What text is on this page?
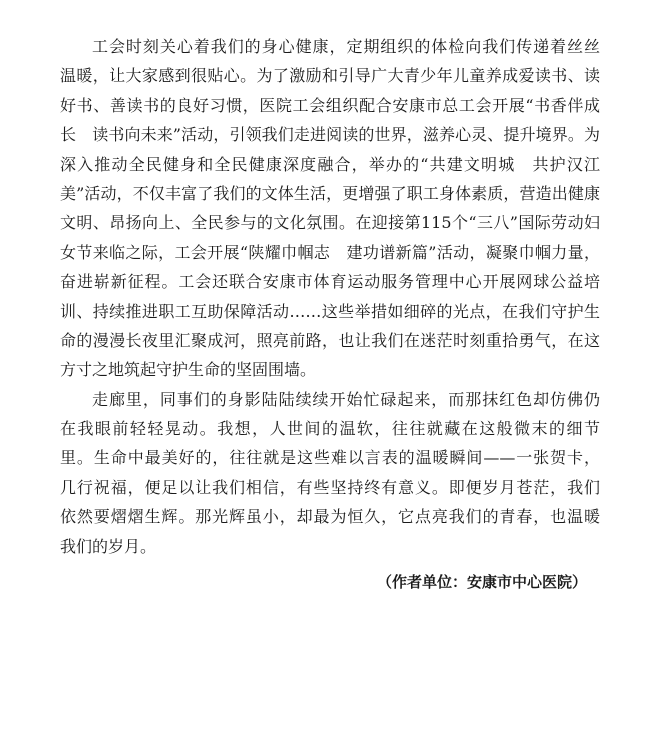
工会时刻关心着我们的身心健康，定期组织的体检向我们传递着丝丝
温暖，让大家感到很贴心。为了激励和引导广大青少年儿童养成爱读书、读
好书、善读书的良好习惯，医院工会组织配合安康市总工会开展“书香伴成
长　读书向未来”活动，引领我们走进阅读的世界，滋养心灵、提升境界。为
深入推动全民健身和全民健康深度融合，举办的“共建文明城　共护汉江
美”活动，不仅丰富了我们的文体生活，更增强了职工身体素质，营造出健康
文明、昂扬向上、全民参与的文化氛围。在迎接第115个“三八”国际劳动妇
女节来临之际，工会开展“陕耀巾帼志　建功谱新篇”活动，凝聚巾帼力量，
奋进崭新征程。工会还联合安康市体育运动服务管理中心开展网球公益培
训、持续推进职工互助保障活动……这些举措如细碎的光点，在我们守护生
命的漫漫长夜里汇聚成河，照亮前路，也让我们在迷茫时刻重拾勇气，在这
方寸之地筑起守护生命的坚固围墙。
走廊里，同事们的身影陆陆续续开始忙碌起来，而那抹红色却仿佛仍
在我眼前轻轻晃动。我想，人世间的温软，往往就藏在这般微末的细节
里。生命中最美好的，往往就是这些难以言表的温暖瞬间——一张贺卡，
几行祝福，便足以让我们相信，有些坚持终有意义。即便岁月苍茫，我们
依然要熠熠生辉。那光辉虽小，却最为恒久，它点亮我们的青春，也温暖
我们的岁月。
（作者单位：安康市中心医院）
